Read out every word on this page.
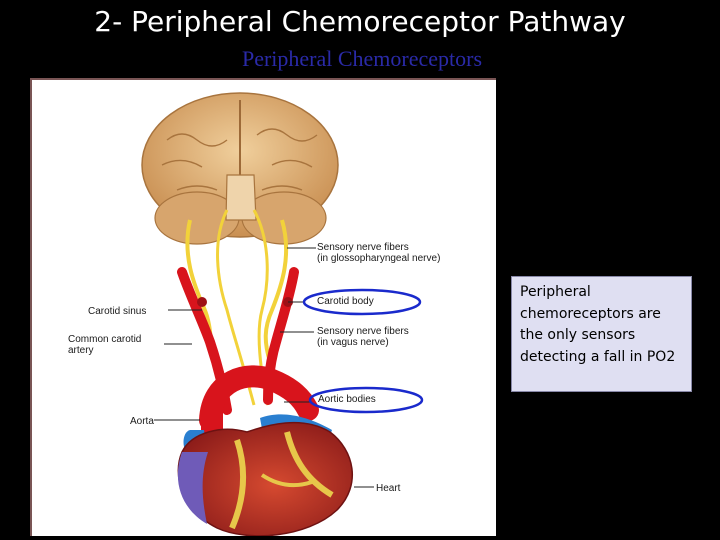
2- Peripheral Chemoreceptor Pathway
Peripheral Chemoreceptors
Sensory nerve fibers
(in glossopharyngeal nerve)
Carotid body
Carotid sinus
Sensory nerve fibers
(in vagus nerve)
Common carotid
artery
Aortic bodies
Aorta
Heart
Peripheral chemoreceptors are the only sensors detecting a fall in PO2
